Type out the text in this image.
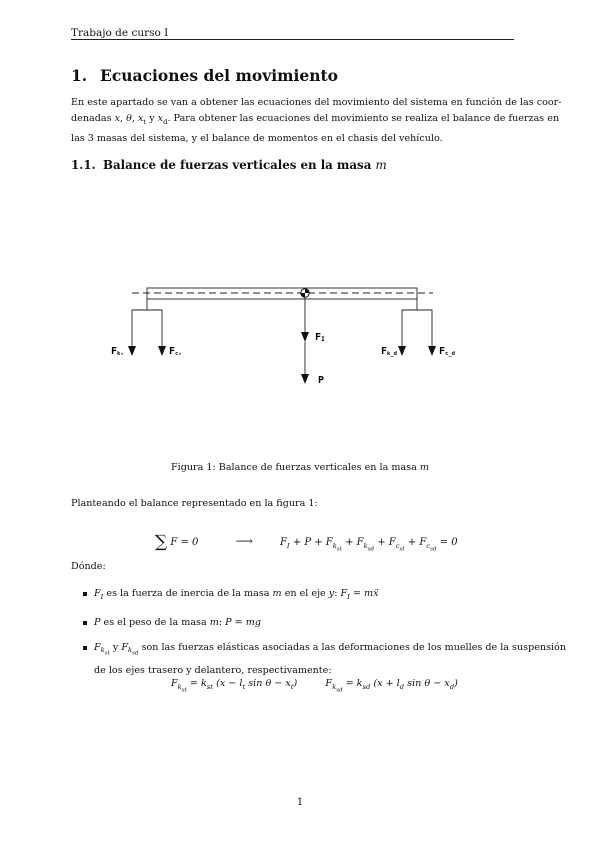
Trabajo de curso I
1. Ecuaciones del movimiento
En este apartado se van a obtener las ecuaciones del movimiento del sistema en función de las coor-
denadas x, θ, $x_t$ y $x_d$. Para obtener las ecuaciones del movimiento se realiza el balance de fuerzas en
las 3 masas del sistema, y el balance de momentos en el chasis del vehículo.
1.1. Balance de fuerzas verticales en la masa m
Fkₜ	Fcₜ
FI
P
Fk_d	Fc_d
Figura 1: Balance de fuerzas verticales en la masa m
Planteando el balance representado en la figura 1:
∑ F = 0	⟶	$F_I + P + F_{k_{st}} + F_{k_{sd}} + F_{c_{st}} + F_{c_{sd}} = 0$
Dónde:
$F_I$ es la fuerza de inercia de la masa m en el eje y: $F_I$ = mẍ
P es el peso de la masa m: P = mg
$F_{k_{st}}$ y $F_{k_{sd}}$ son las fuerzas elásticas asociadas a las deformaciones de los muelles de la suspensión
de los ejes trasero y delantero, respectivamente:
$F_{k_{st}} = k_{st}$ ($x - l_t$ $\sin \theta - x_t$)	$F_{k_{sd}} = k_{sd}$ ($x + l_d$ $\sin \theta - x_d$)
1
